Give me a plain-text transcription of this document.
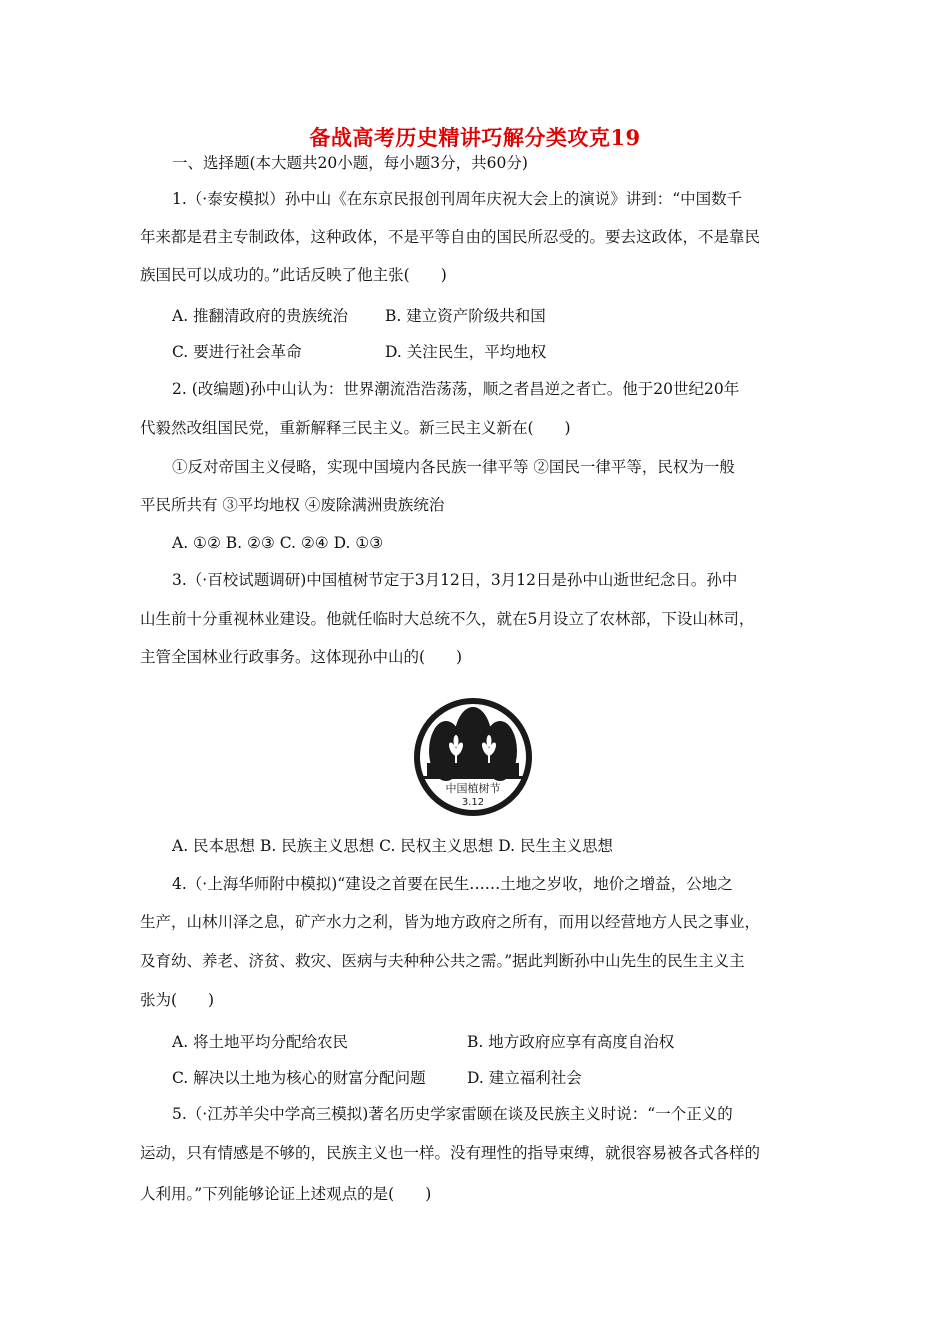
备战高考历史精讲巧解分类攻克19
一、选择题(本大题共20小题，每小题3分，共60分)
1.（·泰安模拟）孙中山《在东京民报创刊周年庆祝大会上的演说》讲到：“中国数千
年来都是君主专制政体，这种政体，不是平等自由的国民所忍受的。要去这政体，不是靠民
族国民可以成功的。”此话反映了他主张(　　)
A. 推翻清政府的贵族统治 B. 建立资产阶级共和国
C. 要进行社会革命	D. 关注民生，平均地权
2. (改编题)孙中山认为：世界潮流浩浩荡荡，顺之者昌逆之者亡。他于20世纪20年
代毅然改组国民党，重新解释三民主义。新三民主义新在(　　)
①反对帝国主义侵略，实现中国境内各民族一律平等 ②国民一律平等，民权为一般
平民所共有 ③平均地权 ④废除满洲贵族统治
A. ①② B. ②③ C. ②④ D. ①③
3.（·百校试题调研)中国植树节定于3月12日，3月12日是孙中山逝世纪念日。孙中
山生前十分重视林业建设。他就任临时大总统不久，就在5月设立了农林部，下设山林司，
主管全国林业行政事务。这体现孙中山的(　　)
中国植树节
3.12
A. 民本思想 B. 民族主义思想 C. 民权主义思想 D. 民生主义思想
4.（·上海华师附中模拟)“建设之首要在民生……土地之岁收，地价之增益，公地之
生产，山林川泽之息，矿产水力之利，皆为地方政府之所有，而用以经营地方人民之事业，
及育幼、养老、济贫、救灾、医病与夫种种公共之需。”据此判断孙中山先生的民生主义主
张为(　　)
A. 将土地平均分配给农民	B. 地方政府应享有高度自治权
C. 解决以土地为核心的财富分配问题	D. 建立福利社会
5.（·江苏羊尖中学高三模拟)著名历史学家雷颐在谈及民族主义时说：“一个正义的
运动，只有情感是不够的，民族主义也一样。没有理性的指导束缚，就很容易被各式各样的
人利用。”下列能够论证上述观点的是(　　)
